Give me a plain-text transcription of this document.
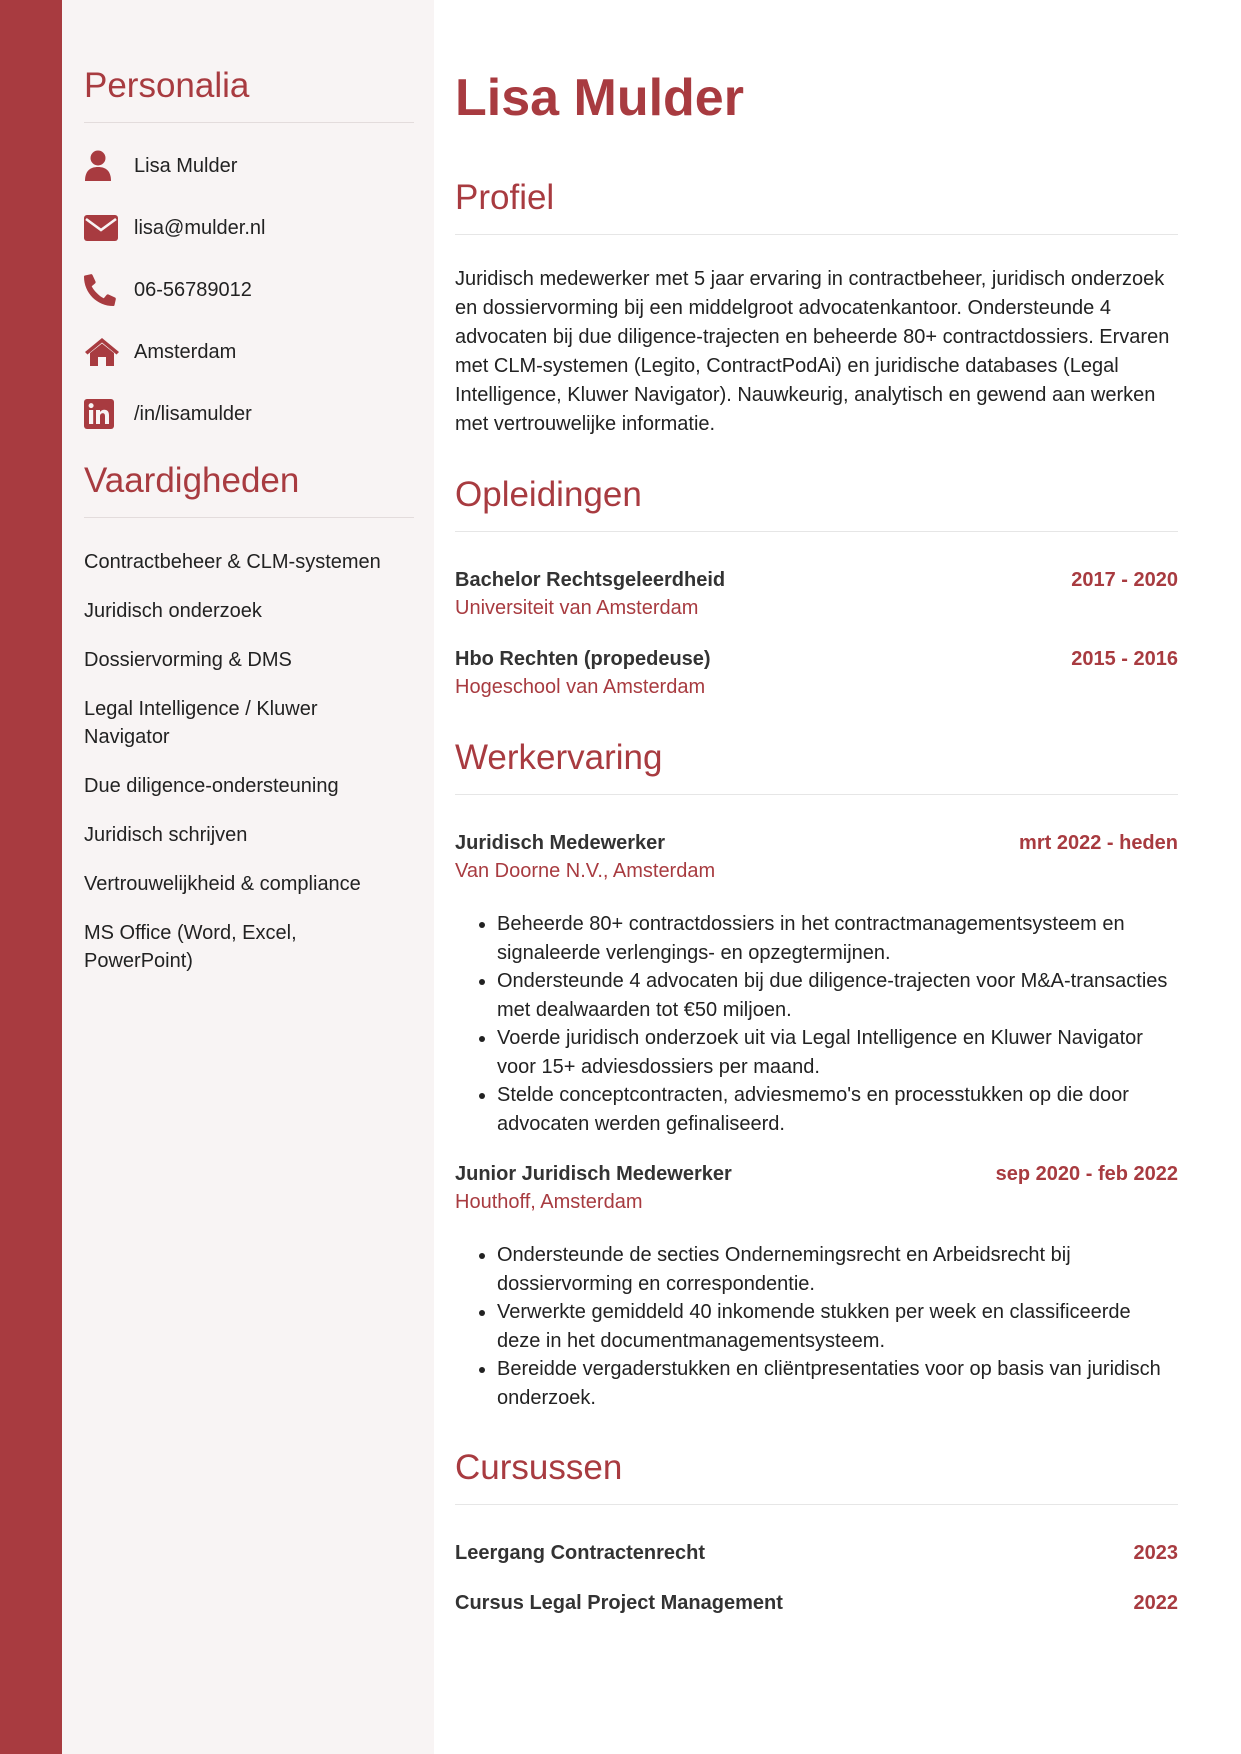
Personalia
Lisa Mulder
lisa@mulder.nl
06-56789012
Amsterdam
/in/lisamulder
Vaardigheden
Contractbeheer & CLM-systemen
Juridisch onderzoek
Dossiervorming & DMS
Legal Intelligence / Kluwer Navigator
Due diligence-ondersteuning
Juridisch schrijven
Vertrouwelijkheid & compliance
MS Office (Word, Excel, PowerPoint)
Lisa Mulder
Profiel

Juridisch medewerker met 5 jaar ervaring in contractbeheer, juridisch onderzoek en dossiervorming bij een middelgroot advocatenkantoor. Ondersteunde 4 advocaten bij due diligence-trajecten en beheerde 80+ contractdossiers. Ervaren met CLM-systemen (Legito, ContractPodAi) en juridische databases (Legal Intelligence, Kluwer Navigator). Nauwkeurig, analytisch en gewend aan werken met vertrouwelijke informatie.

Opleidingen
Bachelor Rechtsgeleerdheid	2017 - 2020
Universiteit van Amsterdam
Hbo Rechten (propedeuse)	2015 - 2016
Hogeschool van Amsterdam
Werkervaring
Juridisch Medewerker	mrt 2022 - heden
Van Doorne N.V., Amsterdam
• Beheerde 80+ contractdossiers in het contractmanagementsysteem en signaleerde verlengings- en opzegtermijnen.
• Ondersteunde 4 advocaten bij due diligence-trajecten voor M&A-transacties met dealwaarden tot €50 miljoen.
• Voerde juridisch onderzoek uit via Legal Intelligence en Kluwer Navigator voor 15+ adviesdossiers per maand.
• Stelde conceptcontracten, adviesmemo's en processtukken op die door advocaten werden gefinaliseerd.
Junior Juridisch Medewerker	sep 2020 - feb 2022
Houthoff, Amsterdam
• Ondersteunde de secties Ondernemingsrecht en Arbeidsrecht bij dossiervorming en correspondentie.
• Verwerkte gemiddeld 40 inkomende stukken per week en classificeerde deze in het documentmanagementsysteem.
• Bereidde vergaderstukken en cliëntpresentaties voor op basis van juridisch onderzoek.
Cursussen
Leergang Contractenrecht	2023
Cursus Legal Project Management	2022
